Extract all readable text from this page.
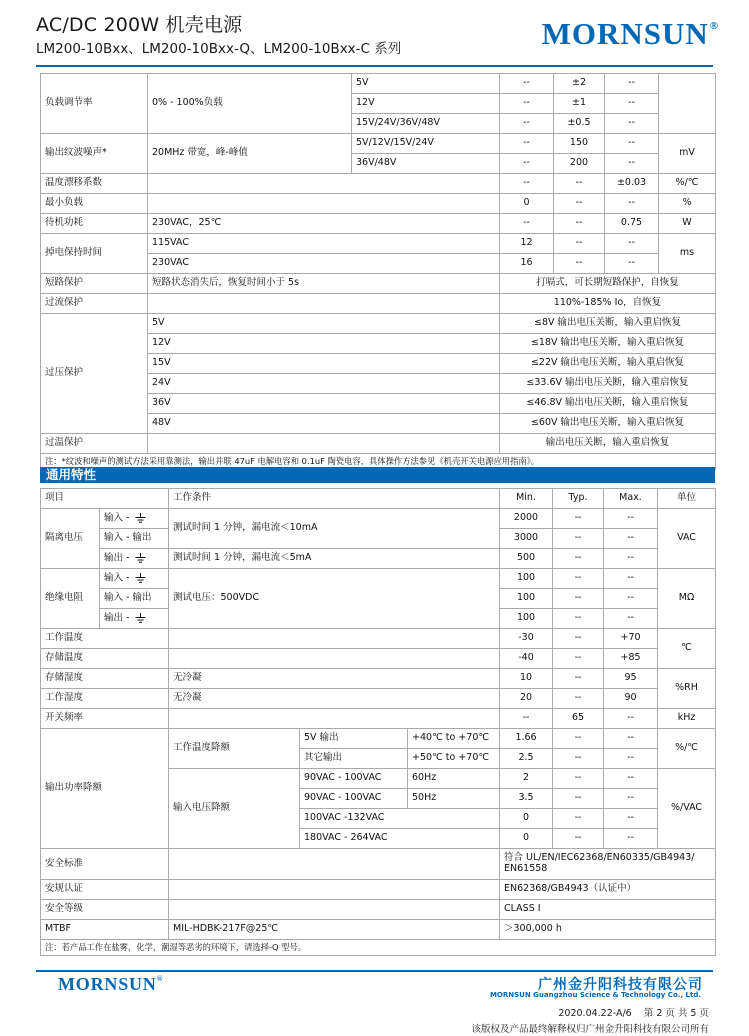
AC/DC 200W 机壳电源
LM200-10Bxx、LM200-10Bxx-Q、LM200-10Bxx-C 系列	MORNSUN®
负载调节率	0% - 100%负载	5V	--	±2	--	
		12V	--	±1	--	
		15V/24V/36V/48V	--	±0.5	--	
输出纹波噪声*	20MHz 带宽，峰-峰值	5V/12V/15V/24V	--	150	--	mV
		36V/48V	--	200	--	
温度漂移系数			--	--	±0.03	%/℃
最小负载			0	--	--	%
待机功耗	230VAC，25℃		--	--	0.75	W
掉电保持时间	115VAC		12	--	--	ms
	230VAC		16	--	--	
短路保护	短路状态消失后，恢复时间小于 5s		打嗝式，可长期短路保护，自恢复			
过流保护			110%-185% Io，自恢复			
过压保护	5V		≤8V 输出电压关断，输入重启恢复			
	12V		≤18V 输出电压关断，输入重启恢复			
	15V		≤22V 输出电压关断，输入重启恢复			
	24V		≤33.6V 输出电压关断，输入重启恢复			
	36V		≤46.8V 输出电压关断，输入重启恢复			
	48V		≤60V 输出电压关断，输入重启恢复			
过温保护			输出电压关断，输入重启恢复			
注：*纹波和噪声的测试方法采用靠测法，输出并联 47uF 电解电容和 0.1uF 陶瓷电容，具体操作方法参见《机壳开关电源应用指南》。						
通用特性
项目		工作条件			Min.	Typ.	Max.	单位
隔离电压	输入 -	测试时间 1 分钟，漏电流＜10mA			2000	--	--	VAC
	输入 - 输出				3000	--	--	
	输出 -	测试时间 1 分钟，漏电流＜5mA			500	--	--	
绝缘电阻	输入 -	测试电压：500VDC			100	--	--	MΩ
	输入 - 输出				100	--	--	
	输出 -				100	--	--	
工作温度					-30	--	+70	℃
存储温度					-40	--	+85	
存储湿度		无冷凝			10	--	95	%RH
工作湿度		无冷凝			20	--	90	
开关频率					--	65	--	kHz
输出功率降额		工作温度降额	5V 输出	+40℃ to +70℃	1.66	--	--	%/℃
			其它输出	+50℃ to +70℃	2.5	--	--	
		输入电压降额	90VAC - 100VAC	60Hz	2	--	--	%/VAC
			90VAC - 100VAC	50Hz	3.5	--	--	
			100VAC -132VAC		0	--	--	
			180VAC - 264VAC		0	--	--	
安全标准					符合 UL/EN/IEC62368/EN60335/GB4943/ EN61558			
安规认证					EN62368/GB4943（认证中）			
安全等级					CLASS I			
MTBF		MIL-HDBK-217F@25℃			＞300,000 h			
注：若产品工作在盐雾，化学，潮湿等恶劣的环境下，请选择-Q 型号。								
MORNSUN®	广州金升阳科技有限公司
MORNSUN Guangzhou Science & Technology Co., Ltd.
2020.04.22-A/6    第 2 页 共 5 页
该版权及产品最终解释权归广州金升阳科技有限公司所有
